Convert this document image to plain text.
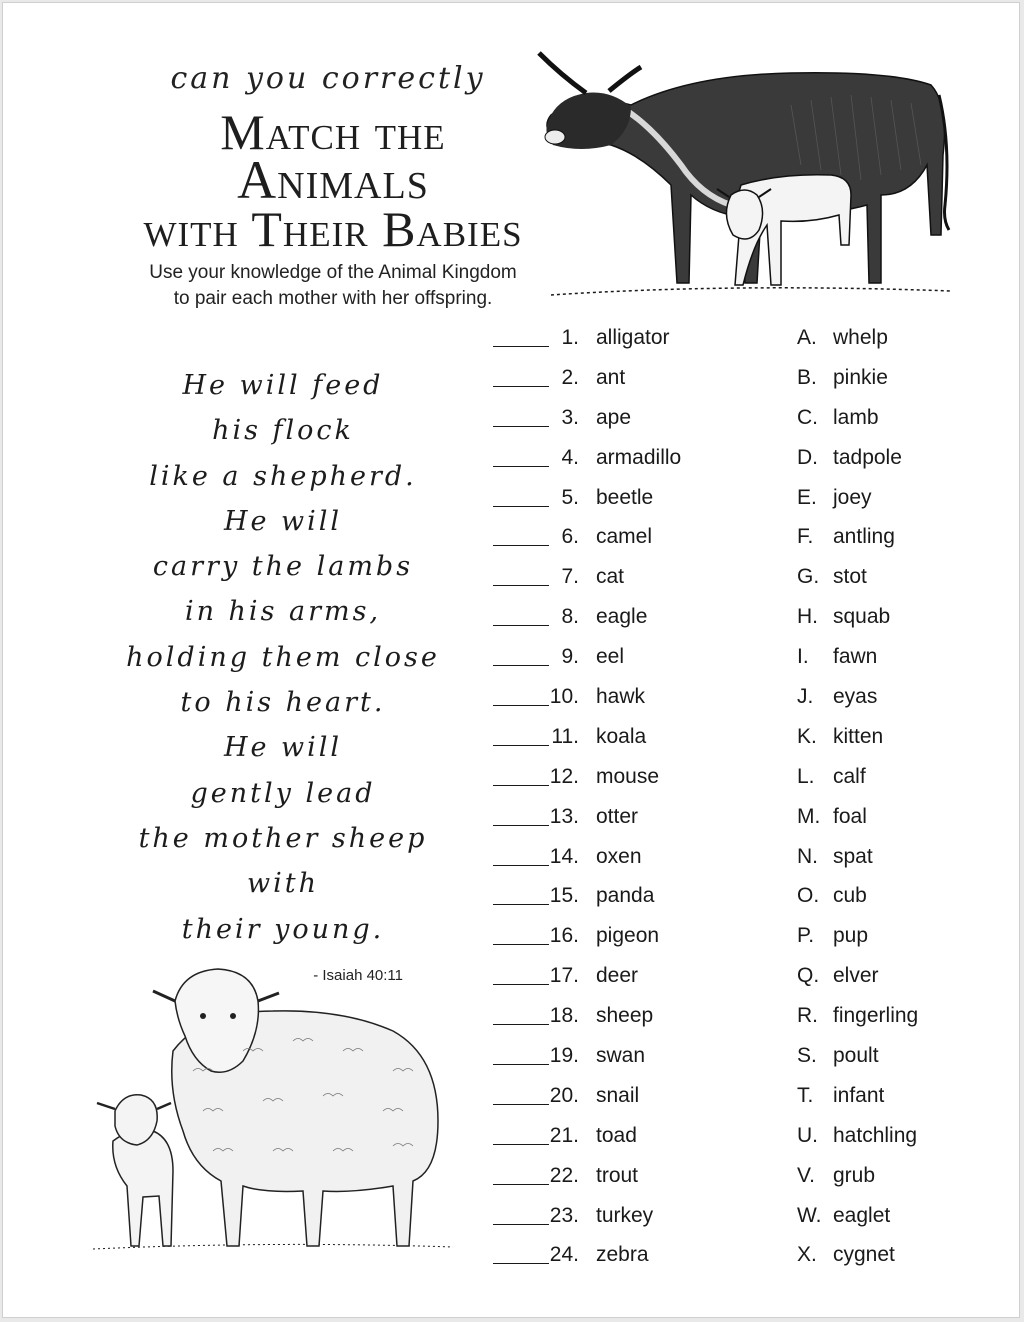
can you correctly
Match the
Animals
with Their Babies
Use your knowledge of the Animal Kingdom
to pair each mother with her offspring.
He will feed
his flock
like a shepherd.
He will
carry the lambs
in his arms,
holding them close
to his heart.
He will
gently lead
the mother sheep
with
their young.
- Isaiah 40:11
1. alligator
2. ant
3. ape
4. armadillo
5. beetle
6. camel
7. cat
8. eagle
9. eel
10. hawk
11. koala
12. mouse
13. otter
14. oxen
15. panda
16. pigeon
17. deer
18. sheep
19. swan
20. snail
21. toad
22. trout
23. turkey
24. zebra
A. whelp
B. pinkie
C. lamb
D. tadpole
E. joey
F. antling
G. stot
H. squab
I.	fawn
J. eyas
K. kitten
L. calf
M. foal
N. spat
O. cub
P. pup
Q. elver
R. fingerling
S. poult
T. infant
U. hatchling
V. grub
W. eaglet
X. cygnet
